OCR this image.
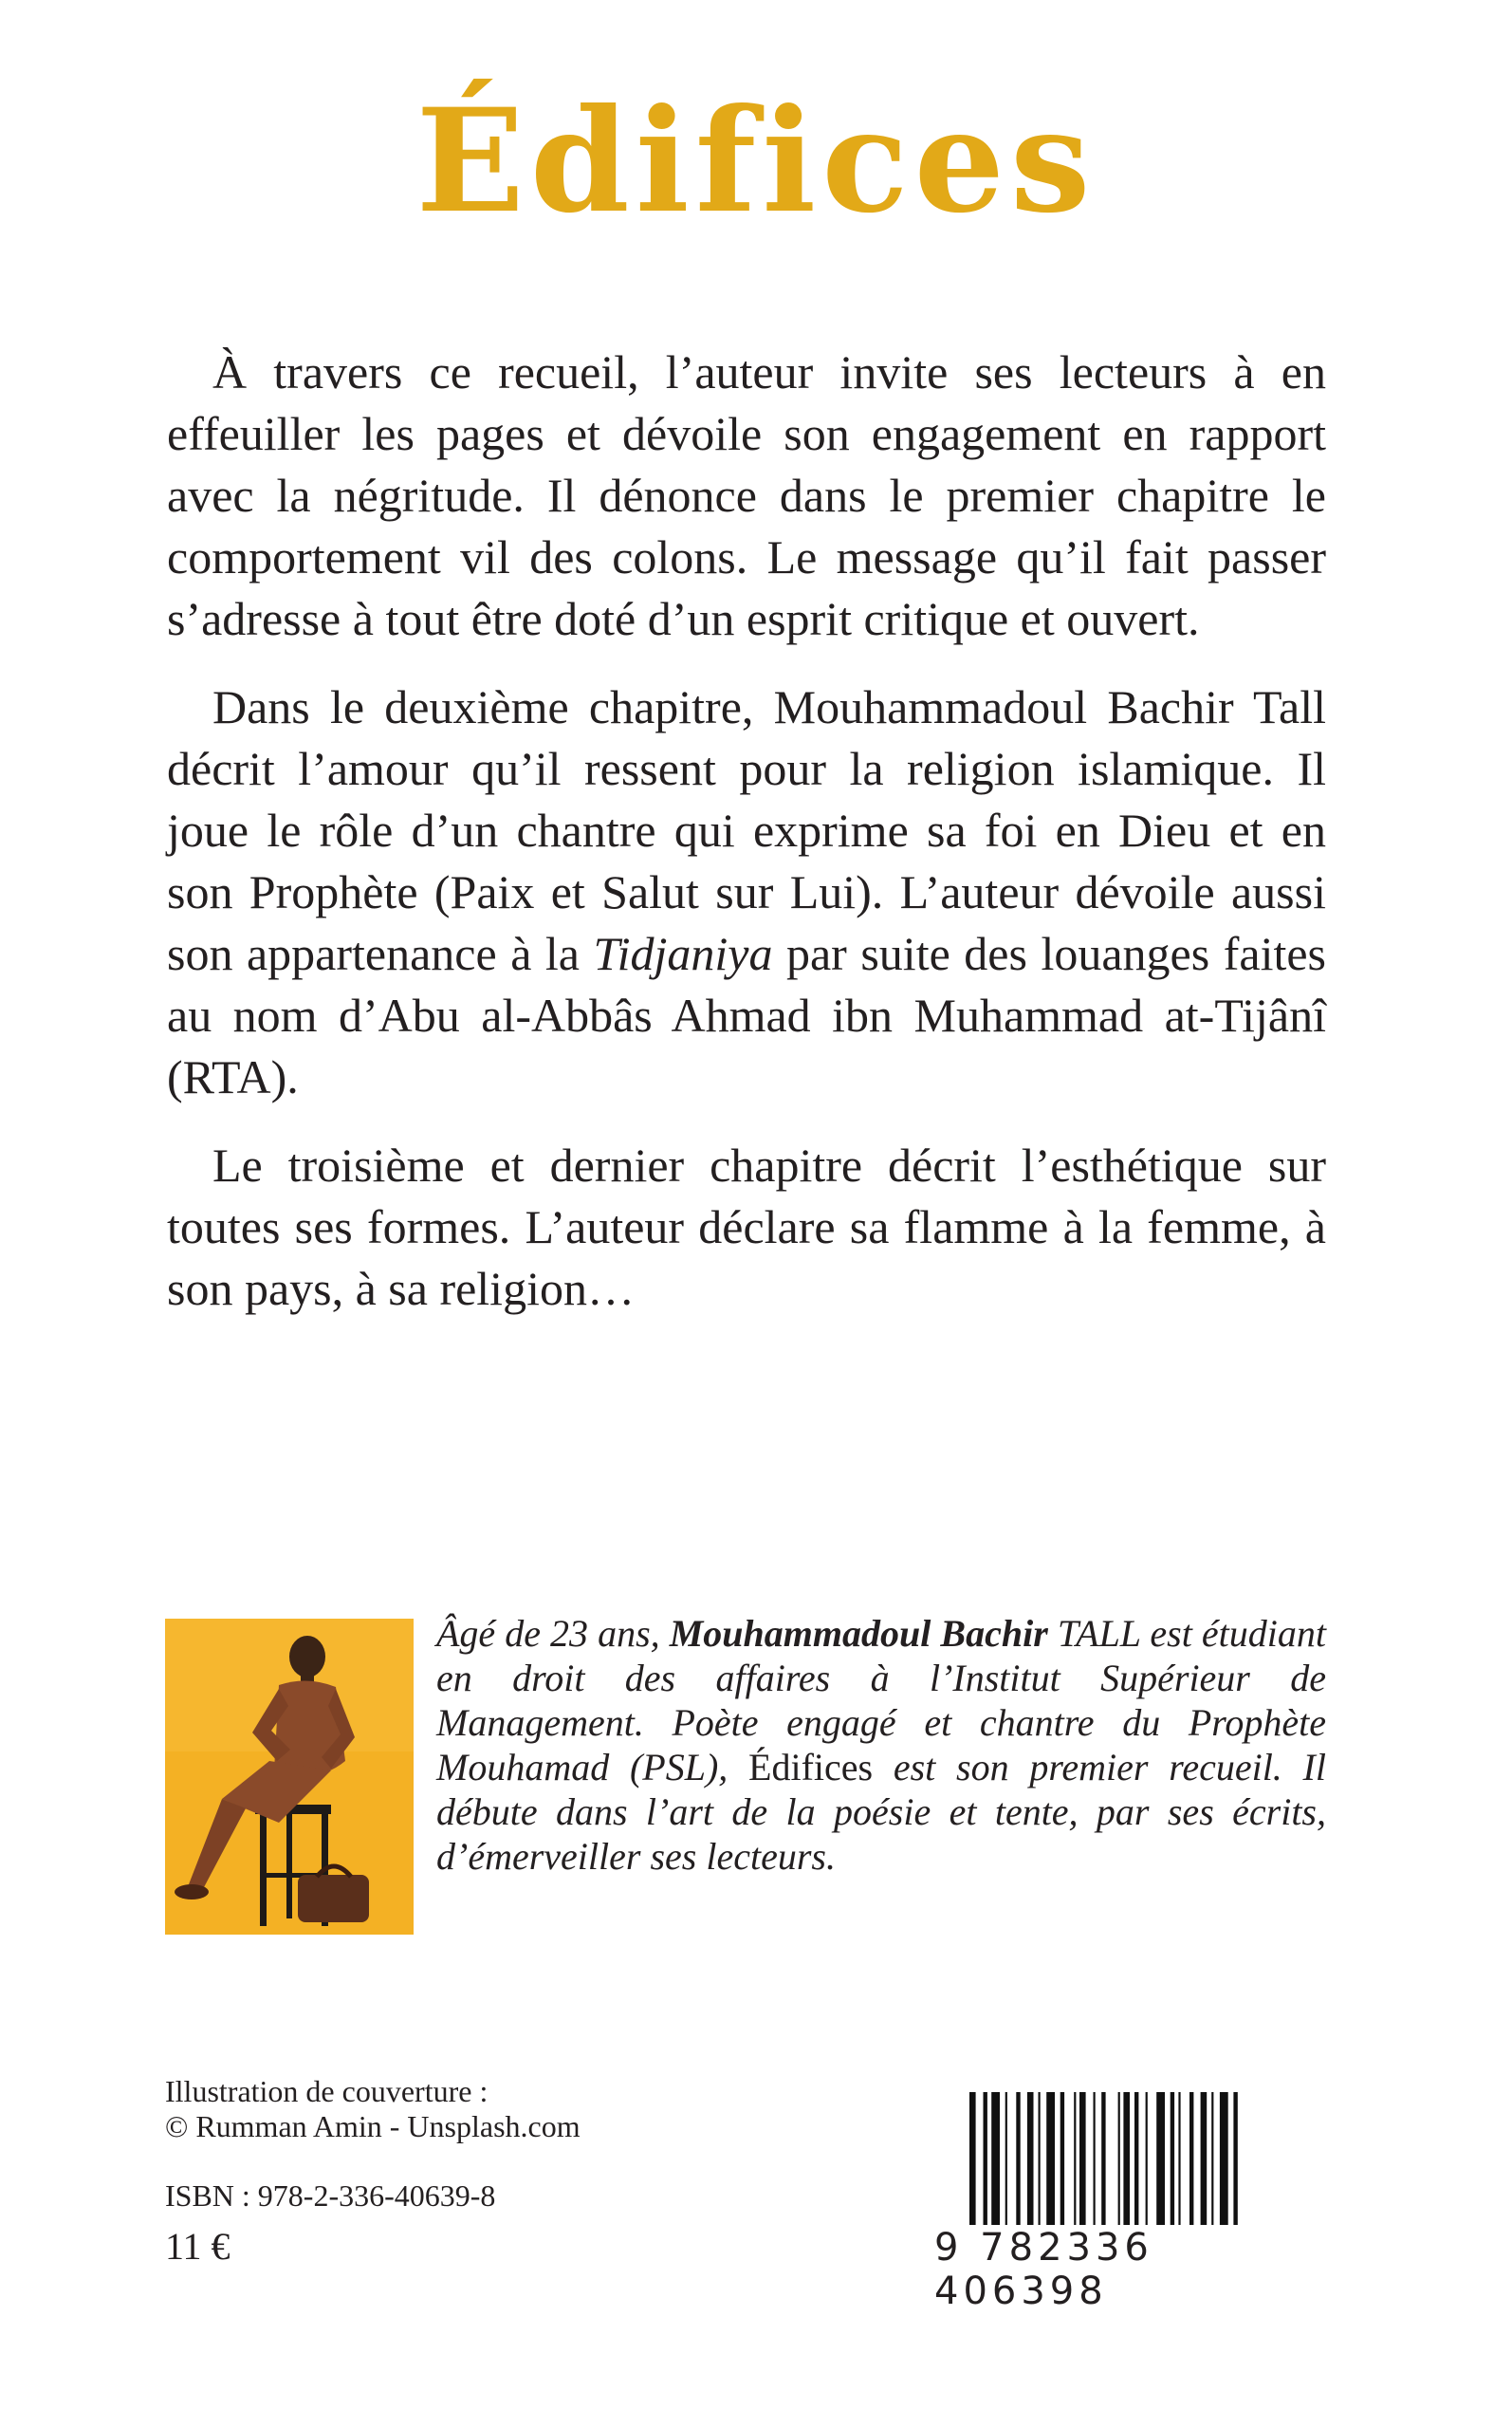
Édifices

À travers ce recueil, l’auteur invite ses lecteurs à en effeuiller les pages et dévoile son engagement en rapport avec la négritude. Il dénonce dans le premier chapitre le comportement vil des colons. Le message qu’il fait passer s’adresse à tout être doté d’un esprit critique et ouvert.

Dans le deuxième chapitre, Mouhammadoul Bachir Tall décrit l’amour qu’il ressent pour la religion islamique. Il joue le rôle d’un chantre qui exprime sa foi en Dieu et en son Prophète (Paix et Salut sur Lui). L’auteur dévoile aussi son appartenance à la Tidjaniya par suite des louanges faites au nom d’Abu al-Abbâs Ahmad ibn Muhammad at-Tijânî (RTA).

Le troisième et dernier chapitre décrit l’esthétique sur toutes ses formes. L’auteur déclare sa flamme à la femme, à son pays, à sa religion…

Âgé de 23 ans, Mouhammadoul Bachir TALL est étudiant en droit des affaires à l’Institut Supérieur de Management. Poète engagé et chantre du Prophète Mouhamad (PSL), Édifices est son premier recueil. Il débute dans l’art de la poésie et tente, par ses écrits, d’émerveiller ses lecteurs.
Illustration de couverture :
© Rumman Amin - Unsplash.com
ISBN : 978-2-336-40639-8
11 €	9 782336 406398
